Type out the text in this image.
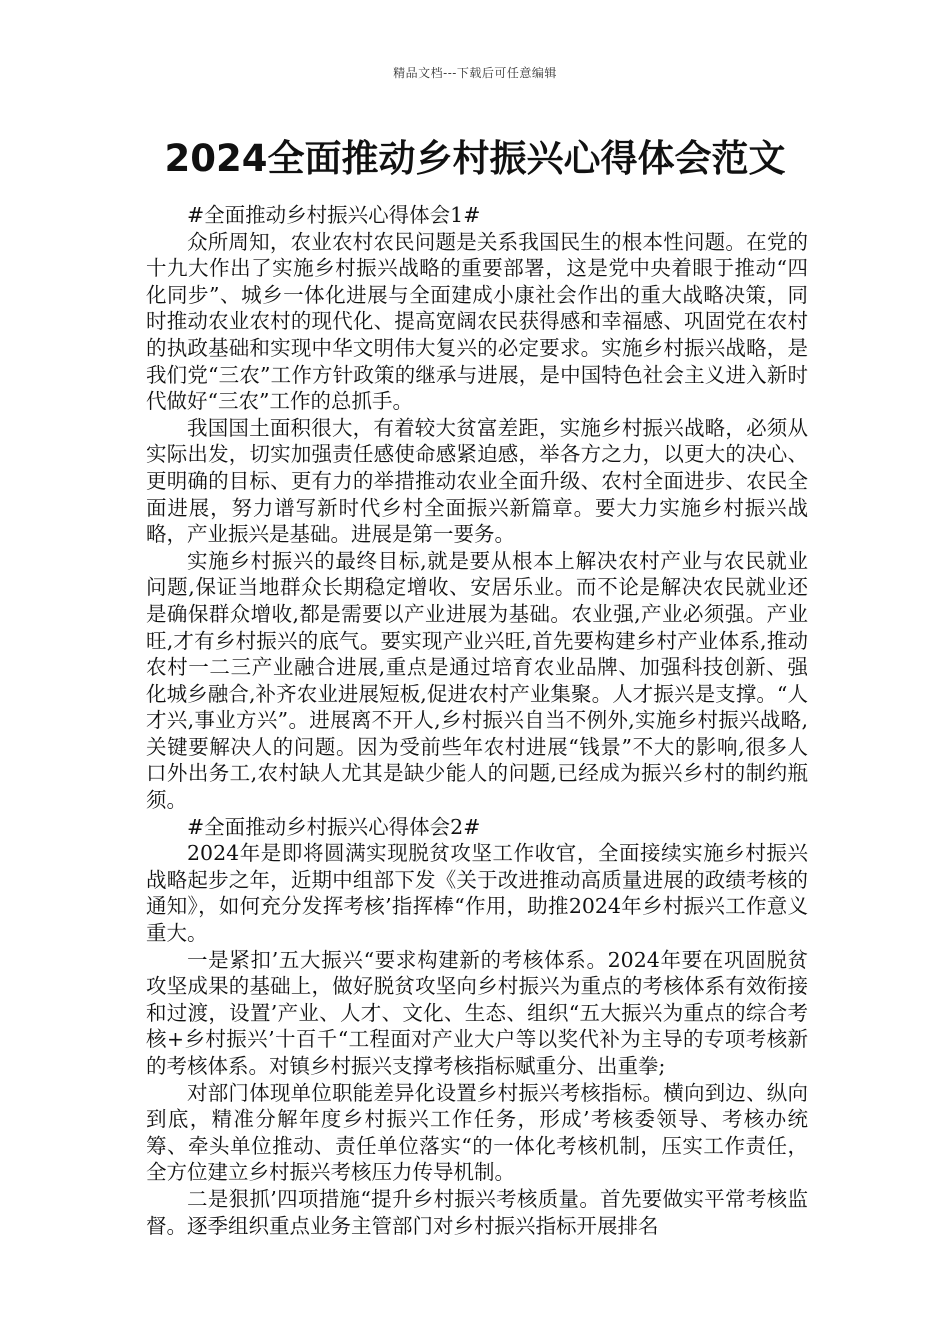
精品文档---下载后可任意编辑
2024全面推动乡村振兴心得体会范文

#全面推动乡村振兴心得体会1#

众所周知，农业农村农民问题是关系我国民生的根本性问题。在党的十九大作出了实施乡村振兴战略的重要部署，这是党中央着眼于推动“四化同步”、城乡一体化进展与全面建成小康社会作出的重大战略决策，同时推动农业农村的现代化、提高宽阔农民获得感和幸福感、巩固党在农村的执政基础和实现中华文明伟大复兴的必定要求。实施乡村振兴战略，是我们党“三农”工作方针政策的继承与进展，是中国特色社会主义进入新时代做好“三农”工作的总抓手。

我国国土面积很大，有着较大贫富差距，实施乡村振兴战略，必须从实际出发，切实加强责任感使命感紧迫感，举各方之力，以更大的决心、更明确的目标、更有力的举措推动农业全面升级、农村全面进步、农民全面进展，努力谱写新时代乡村全面振兴新篇章。要大力实施乡村振兴战略，产业振兴是基础。进展是第一要务。

实施乡村振兴的最终目标,就是要从根本上解决农村产业与农民就业问题,保证当地群众长期稳定增收、安居乐业。而不论是解决农民就业还是确保群众增收,都是需要以产业进展为基础。农业强,产业必须强。产业旺,才有乡村振兴的底气。要实现产业兴旺,首先要构建乡村产业体系,推动农村一二三产业融合进展,重点是通过培育农业品牌、加强科技创新、强化城乡融合,补齐农业进展短板,促进农村产业集聚。人才振兴是支撑。“人才兴,事业方兴”。进展离不开人,乡村振兴自当不例外,实施乡村振兴战略,关键要解决人的问题。因为受前些年农村进展“钱景”不大的影响,很多人口外出务工,农村缺人尤其是缺少能人的问题,已经成为振兴乡村的制约瓶须。

#全面推动乡村振兴心得体会2#

2024年是即将圆满实现脱贫攻坚工作收官，全面接续实施乡村振兴战略起步之年，近期中组部下发《关于改进推动高质量进展的政绩考核的通知》，如何充分发挥考核’指挥棒“作用，助推2024年乡村振兴工作意义重大。

一是紧扣’五大振兴“要求构建新的考核体系。2024年要在巩固脱贫攻坚成果的基础上，做好脱贫攻坚向乡村振兴为重点的考核体系有效衔接和过渡，设置’产业、人才、文化、生态、组织“五大振兴为重点的综合考核+乡村振兴’十百千“工程面对产业大户等以奖代补为主导的专项考核新的考核体系。对镇乡村振兴支撑考核指标赋重分、出重拳;

对部门体现单位职能差异化设置乡村振兴考核指标。横向到边、纵向到底，精准分解年度乡村振兴工作任务，形成’考核委领导、考核办统筹、牵头单位推动、责任单位落实“的一体化考核机制，压实工作责任，全方位建立乡村振兴考核压力传导机制。

二是狠抓’四项措施“提升乡村振兴考核质量。首先要做实平常考核监督。逐季组织重点业务主管部门对乡村振兴指标开展排名
